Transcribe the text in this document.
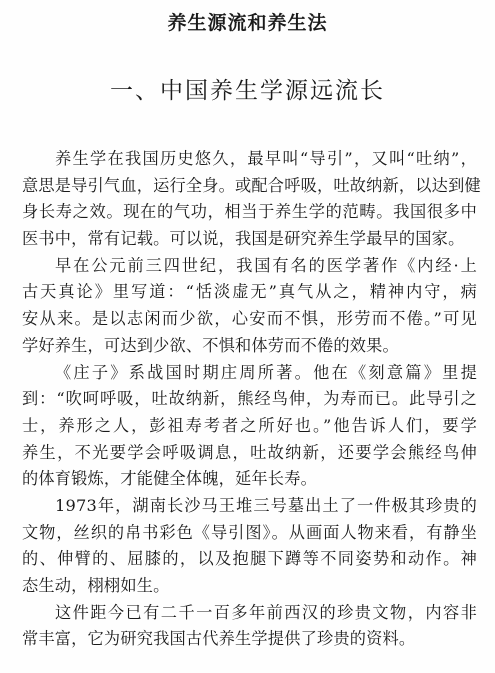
养生源流和养生法
一、中国养生学源远流长
养生学在我国历史悠久，最早叫“导引”，又叫“吐纳”，
意思是导引气血，运行全身。或配合呼吸，吐故纳新，以达到健
身长寿之效。现在的气功，相当于养生学的范畴。我国很多中
医书中，常有记载。可以说，我国是研究养生学最早的国家。
早在公元前三四世纪，我国有名的医学著作《内经·上
古天真论》里写道：“恬淡虚无”真气从之，精神内守，病
安从来。是以志闲而少欲，心安而不惧，形劳而不倦。”可见
学好养生，可达到少欲、不惧和体劳而不倦的效果。
《庄子》系战国时期庄周所著。他在《刻意篇》里提
到：“吹呵呼吸，吐故纳新，熊经鸟伸，为寿而已。此导引之
士，养形之人，彭祖寿考者之所好也。”他告诉人们，要学
养生，不光要学会呼吸调息，吐故纳新，还要学会熊经鸟伸
的体育锻炼，才能健全体魄，延年长寿。
1973年，湖南长沙马王堆三号墓出土了一件极其珍贵的
文物，丝织的帛书彩色《导引图》。从画面人物来看，有静坐
的、伸臂的、屈膝的，以及抱腿下蹲等不同姿势和动作。神
态生动，栩栩如生。
这件距今已有二千一百多年前西汉的珍贵文物，内容非
常丰富，它为研究我国古代养生学提供了珍贵的资料。
